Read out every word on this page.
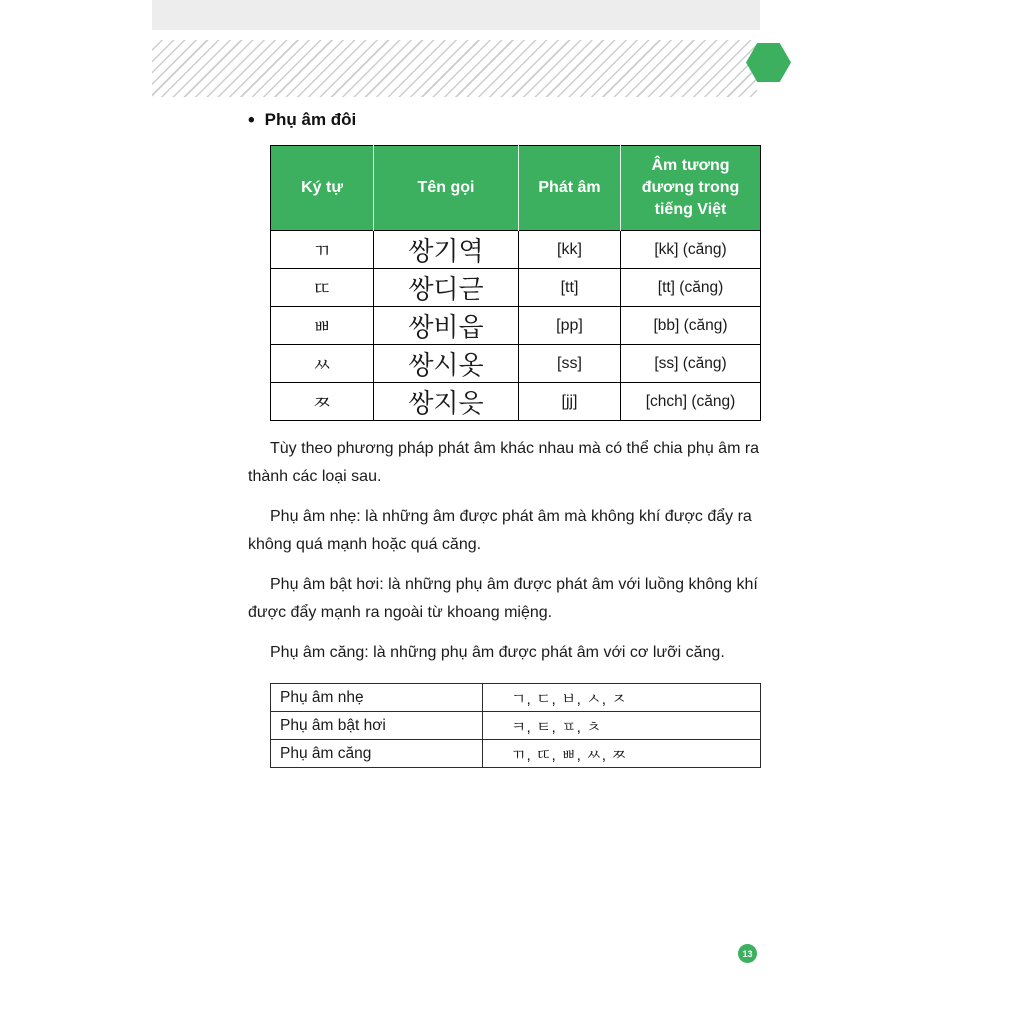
• Phụ âm đôi
Ký tự	Tên gọi	Phát âm	Âm tương đương trong tiếng Việt
ㄲ	쌍기역	[kk]	[kk] (căng)
ㄸ	쌍디귿	[tt]	[tt] (căng)
ㅃ	쌍비읍	[pp]	[bb] (căng)
ㅆ	쌍시옷	[ss]	[ss] (căng)
ㅉ	쌍지읏	[jj]	[chch] (căng)

Tùy theo phương pháp phát âm khác nhau mà có thể chia phụ âm ra thành các loại sau.

Phụ âm nhẹ: là những âm được phát âm mà không khí được đẩy ra không quá mạnh hoặc quá căng.

Phụ âm bật hơi: là những phụ âm được phát âm với luồng không khí được đẩy mạnh ra ngoài từ khoang miệng.

Phụ âm căng: là những phụ âm được phát âm với cơ lưỡi căng.

Phụ âm nhẹ	ㄱ, ㄷ, ㅂ, ㅅ, ㅈ
Phụ âm bật hơi	ㅋ, ㅌ, ㅍ, ㅊ
Phụ âm căng	ㄲ, ㄸ, ㅃ, ㅆ, ㅉ
13
